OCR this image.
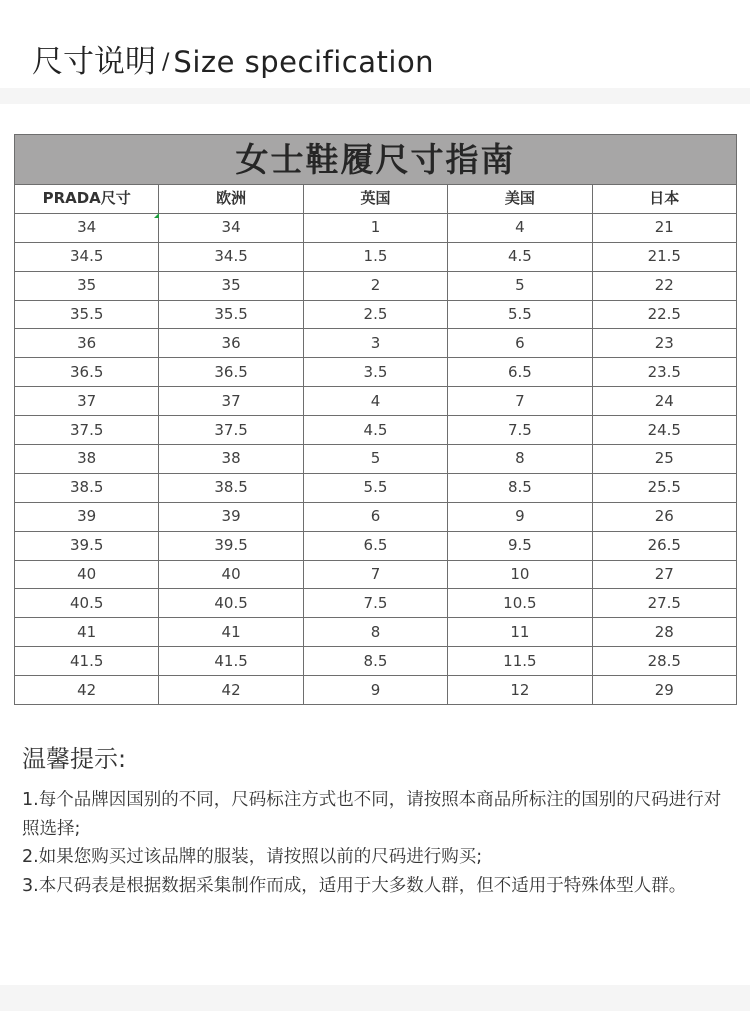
尺寸说明 / Size specification
女士鞋履尺寸指南				
PRADA尺寸	欧洲	英国	美国	日本
34	34	1	4	21
34.5	34.5	1.5	4.5	21.5
35	35	2	5	22
35.5	35.5	2.5	5.5	22.5
36	36	3	6	23
36.5	36.5	3.5	6.5	23.5
37	37	4	7	24
37.5	37.5	4.5	7.5	24.5
38	38	5	8	25
38.5	38.5	5.5	8.5	25.5
39	39	6	9	26
39.5	39.5	6.5	9.5	26.5
40	40	7	10	27
40.5	40.5	7.5	10.5	27.5
41	41	8	11	28
41.5	41.5	8.5	11.5	28.5
42	42	9	12	29
温馨提示:

1.每个品牌因国别的不同，尺码标注方式也不同，请按照本商品所标注的国别的尺码进行对照选择;

2.如果您购买过该品牌的服装，请按照以前的尺码进行购买;

3.本尺码表是根据数据采集制作而成，适用于大多数人群，但不适用于特殊体型人群。
